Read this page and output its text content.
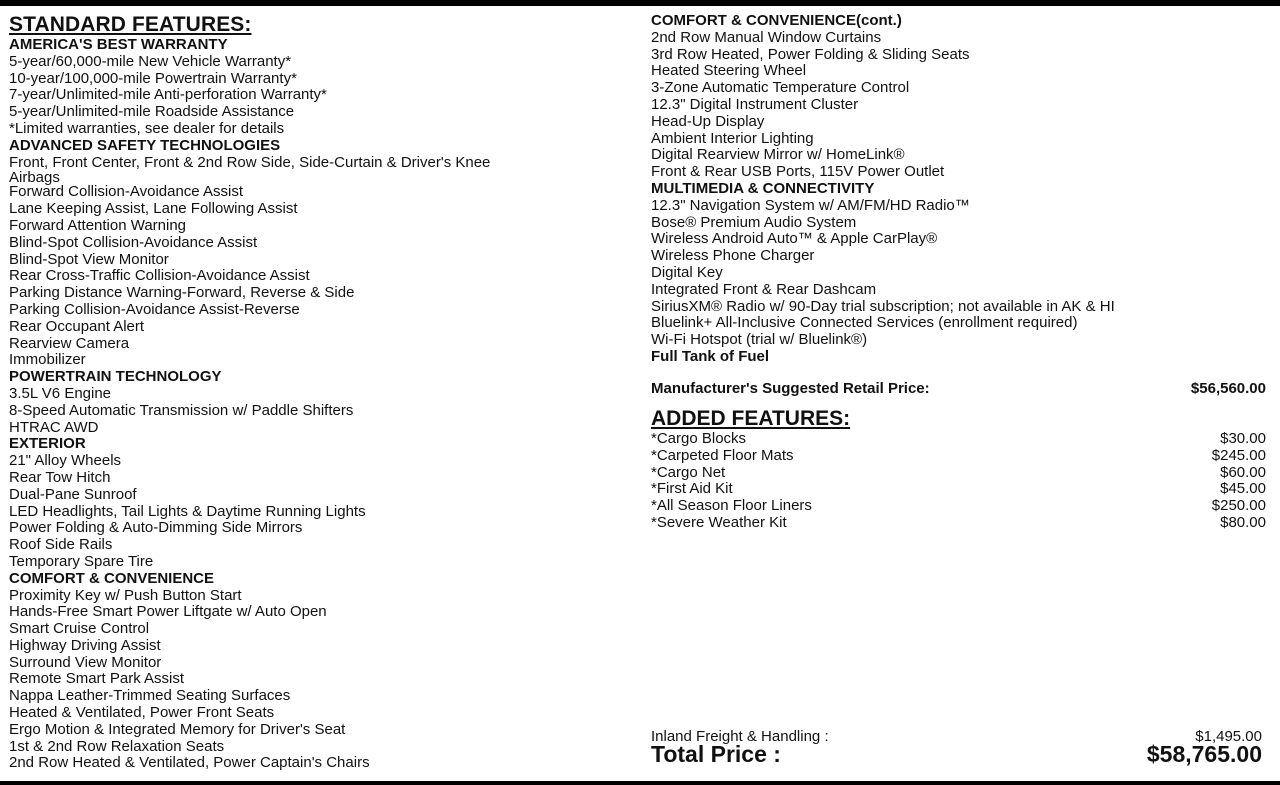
STANDARD FEATURES:
AMERICA'S BEST WARRANTY
5-year/60,000-mile New Vehicle Warranty*
10-year/100,000-mile Powertrain Warranty*
7-year/Unlimited-mile Anti-perforation Warranty*
5-year/Unlimited-mile Roadside Assistance
*Limited warranties, see dealer for details
ADVANCED SAFETY TECHNOLOGIES
Front, Front Center, Front & 2nd Row Side, Side-Curtain & Driver's Knee
Airbags
Forward Collision-Avoidance Assist
Lane Keeping Assist, Lane Following Assist
Forward Attention Warning
Blind-Spot Collision-Avoidance Assist
Blind-Spot View Monitor
Rear Cross-Traffic Collision-Avoidance Assist
Parking Distance Warning-Forward, Reverse & Side
Parking Collision-Avoidance Assist-Reverse
Rear Occupant Alert
Rearview Camera
Immobilizer
POWERTRAIN TECHNOLOGY
3.5L V6 Engine
8-Speed Automatic Transmission w/ Paddle Shifters
HTRAC AWD
EXTERIOR
21" Alloy Wheels
Rear Tow Hitch
Dual-Pane Sunroof
LED Headlights, Tail Lights & Daytime Running Lights
Power Folding & Auto-Dimming Side Mirrors
Roof Side Rails
Temporary Spare Tire
COMFORT & CONVENIENCE
Proximity Key w/ Push Button Start
Hands-Free Smart Power Liftgate w/ Auto Open
Smart Cruise Control
Highway Driving Assist
Surround View Monitor
Remote Smart Park Assist
Nappa Leather-Trimmed Seating Surfaces
Heated & Ventilated, Power Front Seats
Ergo Motion & Integrated Memory for Driver's Seat
1st & 2nd Row Relaxation Seats
2nd Row Heated & Ventilated, Power Captain's Chairs
COMFORT & CONVENIENCE(cont.)
2nd Row Manual Window Curtains
3rd Row Heated, Power Folding & Sliding Seats
Heated Steering Wheel
3-Zone Automatic Temperature Control
12.3" Digital Instrument Cluster
Head-Up Display
Ambient Interior Lighting
Digital Rearview Mirror w/ HomeLink®
Front & Rear USB Ports, 115V Power Outlet
MULTIMEDIA & CONNECTIVITY
12.3" Navigation System w/ AM/FM/HD Radio™
Bose® Premium Audio System
Wireless Android Auto™ & Apple CarPlay®
Wireless Phone Charger
Digital Key
Integrated Front & Rear Dashcam
SiriusXM® Radio w/ 90-Day trial subscription; not available in AK & HI
Bluelink+ All-Inclusive Connected Services (enrollment required)
Wi-Fi Hotspot (trial w/ Bluelink®)
Full Tank of Fuel
Manufacturer's Suggested Retail Price:	$56,560.00
ADDED FEATURES:
*Cargo Blocks	$30.00
*Carpeted Floor Mats	$245.00
*Cargo Net	$60.00
*First Aid Kit	$45.00
*All Season Floor Liners	$250.00
*Severe Weather Kit	$80.00
Inland Freight & Handling :	$1,495.00
Total Price :	$58,765.00
